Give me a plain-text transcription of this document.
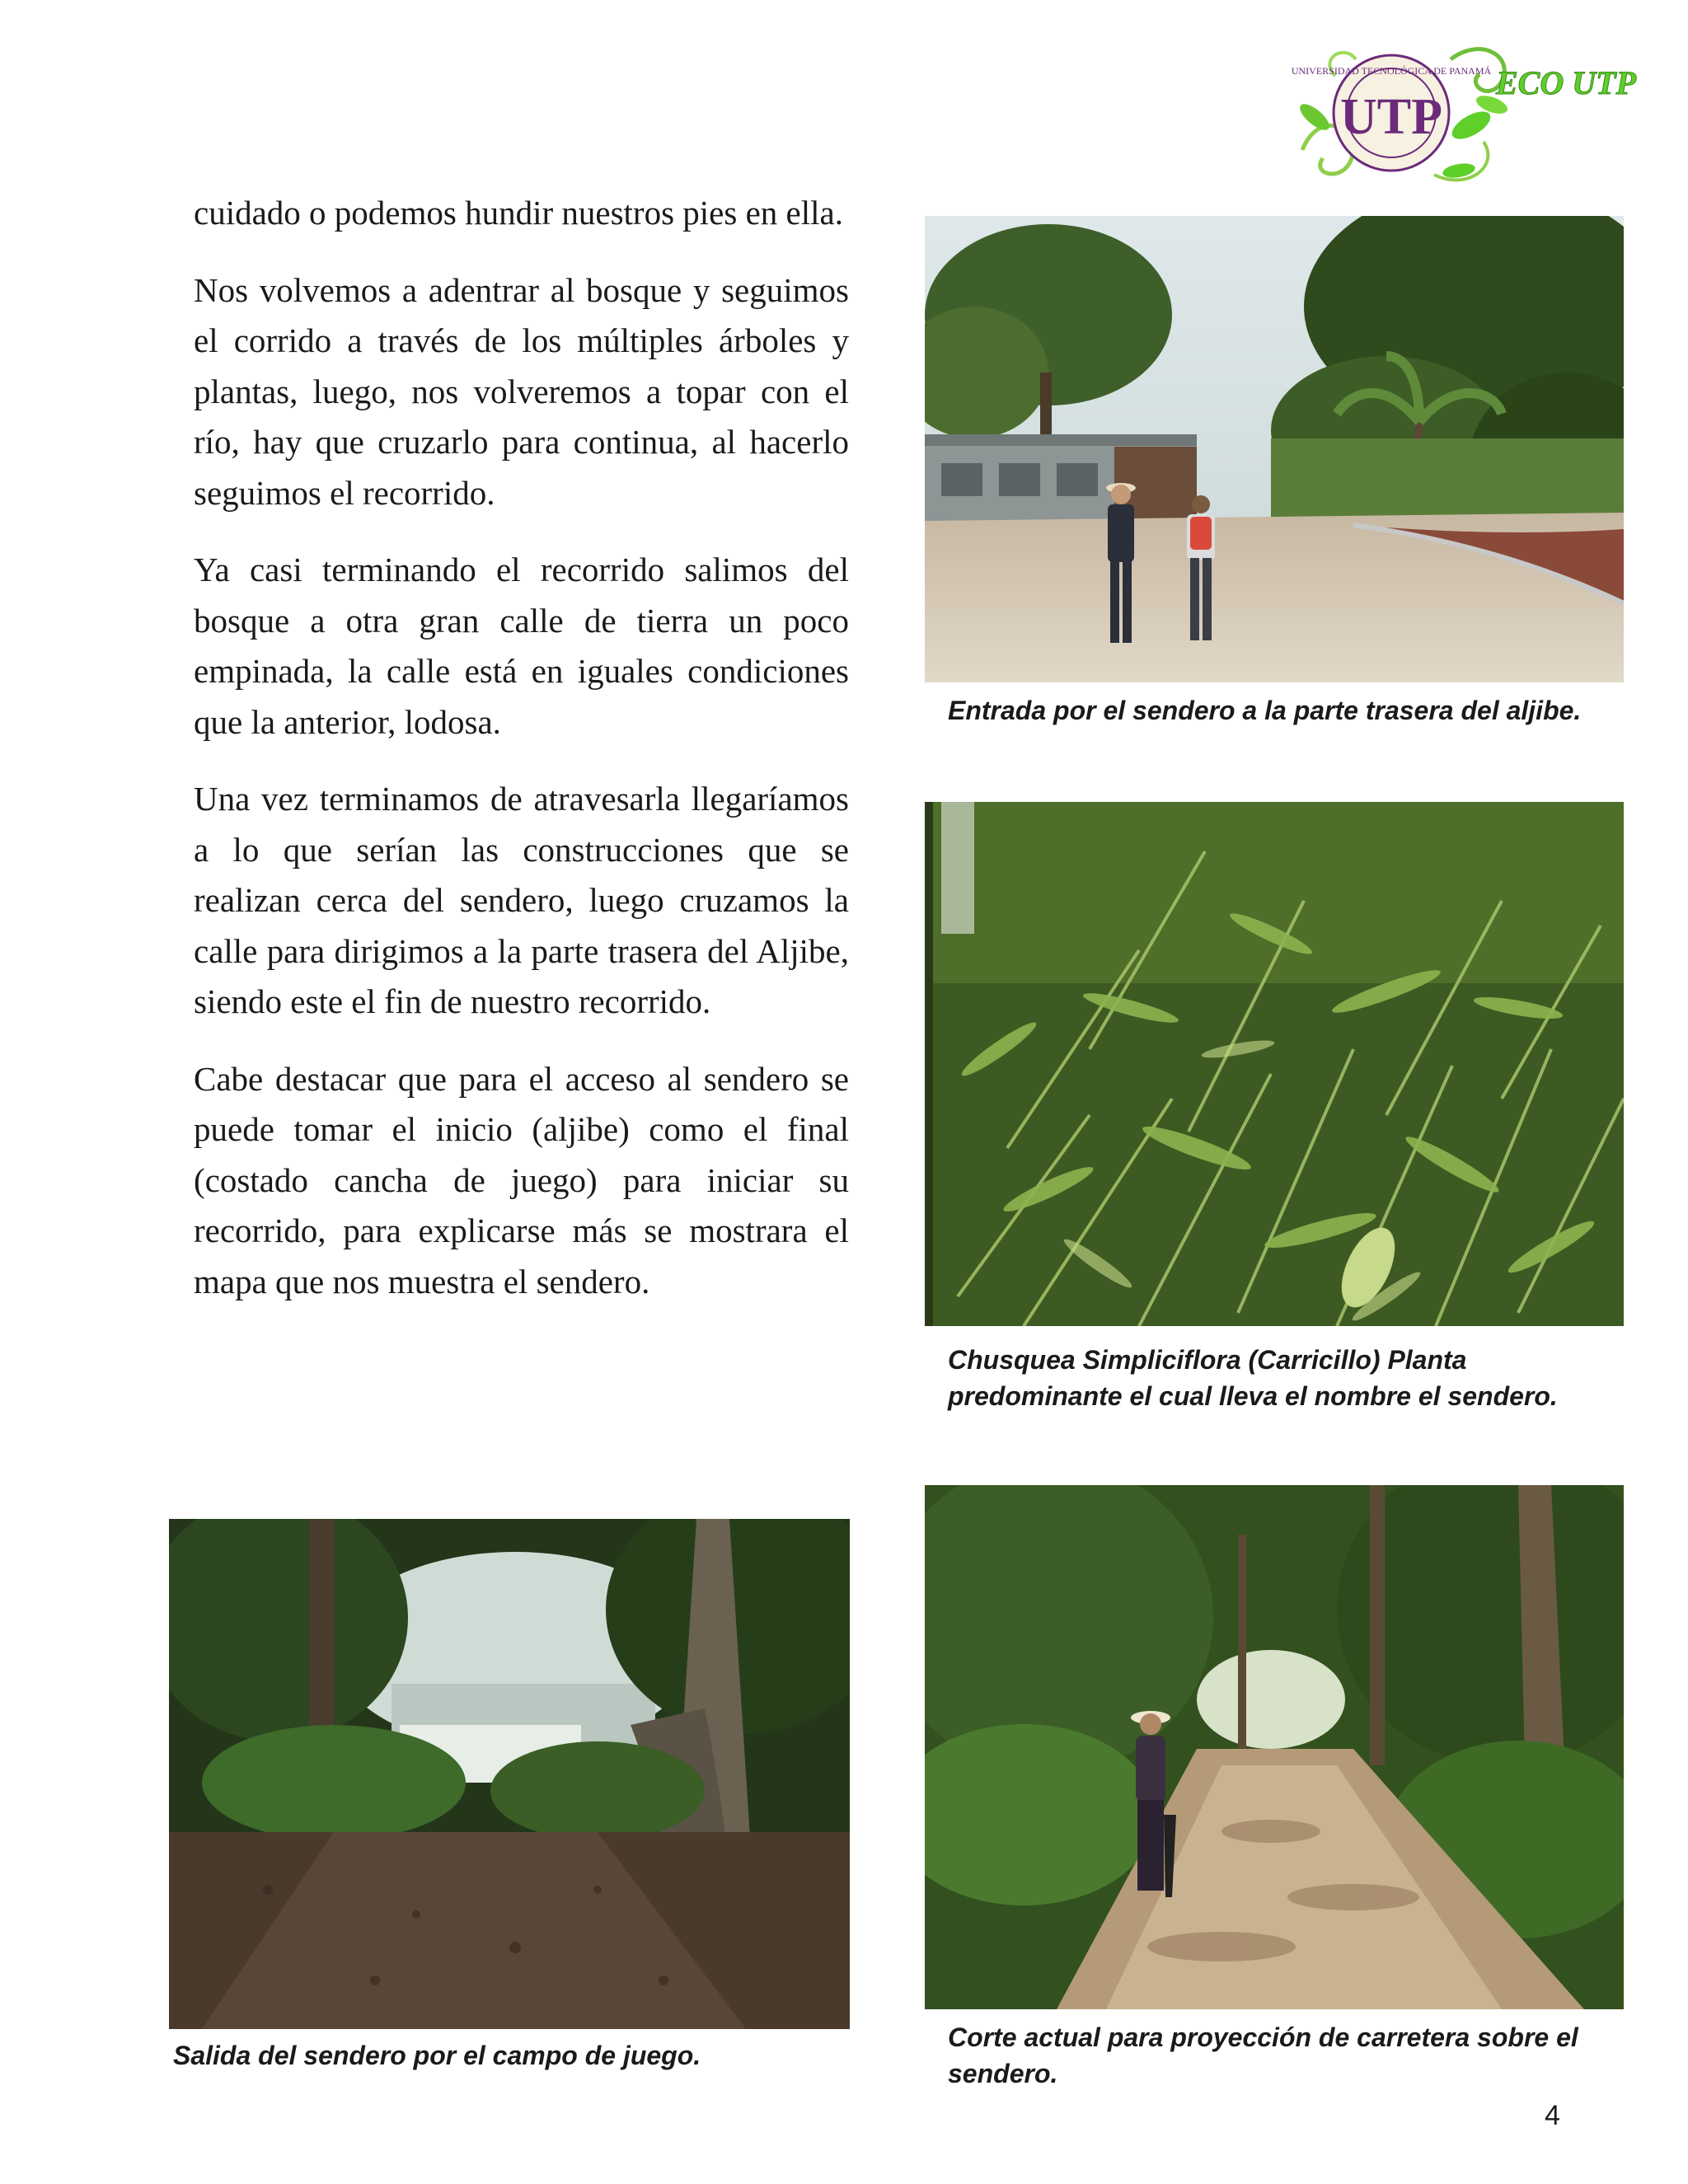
UNIVERSIDAD TECNOLÓGICA DE PANAMÁ
UTP
ECO UTP

cuidado o podemos hundir nuestros pies en ella.

Nos volvemos a adentrar al bosque y seguimos el corrido a través de los múltiples árboles y plantas, luego, nos volveremos a topar con el río, hay que cruzarlo para continua, al hacerlo seguimos el recorrido.

Ya casi terminando el recorrido salimos del bosque a otra gran calle de tierra un poco empinada, la calle está en iguales condiciones que la anterior, lodosa.

Una vez terminamos de atravesarla llegaríamos a lo que serían las construcciones que se realizan cerca del sendero, luego cruzamos la calle para dirigimos a la parte trasera del Aljibe, siendo este el fin de nuestro recorrido.

Cabe destacar que para el acceso al sendero se puede tomar el inicio (aljibe) como el final (costado cancha de juego) para iniciar su recorrido, para explicarse más se mostrara el mapa que nos muestra el sendero.

Entrada por el sendero a la parte trasera del aljibe.
Chusquea Simpliciflora (Carricillo) Planta predominante el cual lleva el nombre el sendero.
Salida del sendero por el campo de juego.
Corte actual para proyección de carretera sobre el sendero.
4
